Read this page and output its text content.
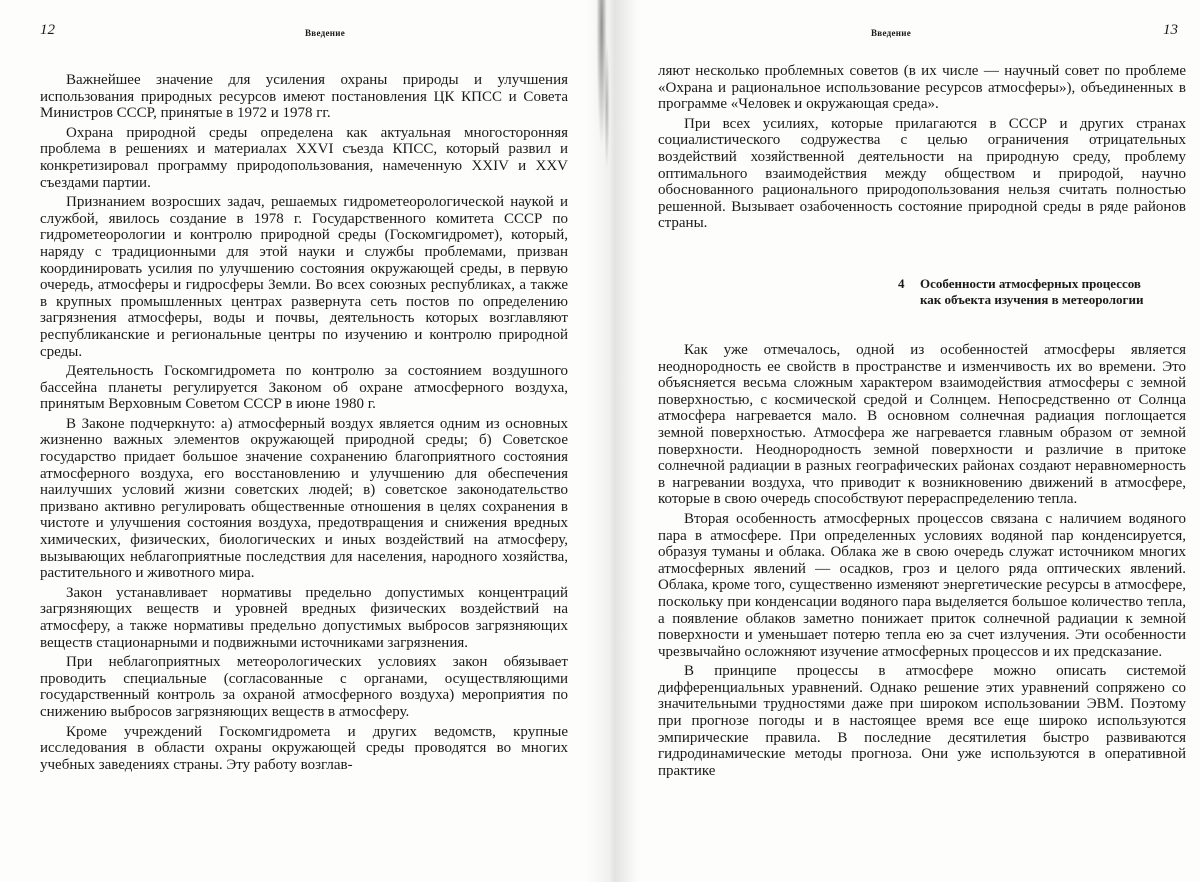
12	Введение

Важнейшее значение для усиления охраны природы и улучшения использования природных ресурсов имеют постановления ЦК КПСС и Совета Министров СССР, принятые в 1972 и 1978 гг.

Охрана природной среды определена как актуальная многосторонняя проблема в решениях и материалах XXVI съезда КПСС, который развил и конкретизировал программу природопользования, намеченную XXIV и XXV съездами партии.

Признанием возросших задач, решаемых гидрометеорологической наукой и службой, явилось создание в 1978 г. Государственного комитета СССР по гидрометеорологии и контролю природной среды (Госкомгидромет), который, наряду с традиционными для этой науки и службы проблемами, призван координировать усилия по улучшению состояния окружающей среды, в первую очередь, атмосферы и гидросферы Земли. Во всех союзных республиках, а также в крупных промышленных центрах развернута сеть постов по определению загрязнения атмосферы, воды и почвы, деятельность которых возглавляют республиканские и региональные центры по изучению и контролю природной среды.

Деятельность Госкомгидромета по контролю за состоянием воздушного бассейна планеты регулируется Законом об охране атмосферного воздуха, принятым Верховным Советом СССР в июне 1980 г.

В Законе подчеркнуто: а) атмосферный воздух является одним из основных жизненно важных элементов окружающей природной среды; б) Советское государство придает большое значение сохранению благоприятного состояния атмосферного воздуха, его восстановлению и улучшению для обеспечения наилучших условий жизни советских людей; в) советское законодательство призвано активно регулировать общественные отношения в целях сохранения в чистоте и улучшения состояния воздуха, предотвращения и снижения вредных химических, физических, биологических и иных воздействий на атмосферу, вызывающих неблагоприятные последствия для населения, народного хозяйства, растительного и животного мира.

Закон устанавливает нормативы предельно допустимых концентраций загрязняющих веществ и уровней вредных физических воздействий на атмосферу, а также нормативы предельно допустимых выбросов загрязняющих веществ стационарными и подвижными источниками загрязнения.

При неблагоприятных метеорологических условиях закон обязывает проводить специальные (согласованные с органами, осуществляющими государственный контроль за охраной атмосферного воздуха) мероприятия по снижению выбросов загрязняющих веществ в атмосферу.

Кроме учреждений Госкомгидромета и других ведомств, крупные исследования в области охраны окружающей среды проводятся во многих учебных заведениях страны. Эту работу возглав-

Введение	13

ляют несколько проблемных советов (в их числе — научный совет по проблеме «Охрана и рациональное использование ресурсов атмосферы»), объединенных в программе «Человек и окружающая среда».

При всех усилиях, которые прилагаются в СССР и других странах социалистического содружества с целью ограничения отрицательных воздействий хозяйственной деятельности на природную среду, проблему оптимального взаимодействия между обществом и природой, научно обоснованного рационального природопользования нельзя считать полностью решенной. Вызывает озабоченность состояние природной среды в ряде районов страны.

4 Особенности атмосферных процессов как объекта изучения в метеорологии

Как уже отмечалось, одной из особенностей атмосферы является неоднородность ее свойств в пространстве и изменчивость их во времени. Это объясняется весьма сложным характером взаимодействия атмосферы с земной поверхностью, с космической средой и Солнцем. Непосредственно от Солнца атмосфера нагревается мало. В основном солнечная радиация поглощается земной поверхностью. Атмосфера же нагревается главным образом от земной поверхности. Неоднородность земной поверхности и различие в притоке солнечной радиации в разных географических районах создают неравномерность в нагревании воздуха, что приводит к возникновению движений в атмосфере, которые в свою очередь способствуют перераспределению тепла.

Вторая особенность атмосферных процессов связана с наличием водяного пара в атмосфере. При определенных условиях водяной пар конденсируется, образуя туманы и облака. Облака же в свою очередь служат источником многих атмосферных явлений — осадков, гроз и целого ряда оптических явлений. Облака, кроме того, существенно изменяют энергетические ресурсы в атмосфере, поскольку при конденсации водяного пара выделяется большое количество тепла, а появление облаков заметно понижает приток солнечной радиации к земной поверхности и уменьшает потерю тепла ею за счет излучения. Эти особенности чрезвычайно осложняют изучение атмосферных процессов и их предсказание.

В принципе процессы в атмосфере можно описать системой дифференциальных уравнений. Однако решение этих уравнений сопряжено со значительными трудностями даже при широком использовании ЭВМ. Поэтому при прогнозе погоды и в настоящее время все еще широко используются эмпирические правила. В последние десятилетия быстро развиваются гидродинамические методы прогноза. Они уже используются в оперативной практике
